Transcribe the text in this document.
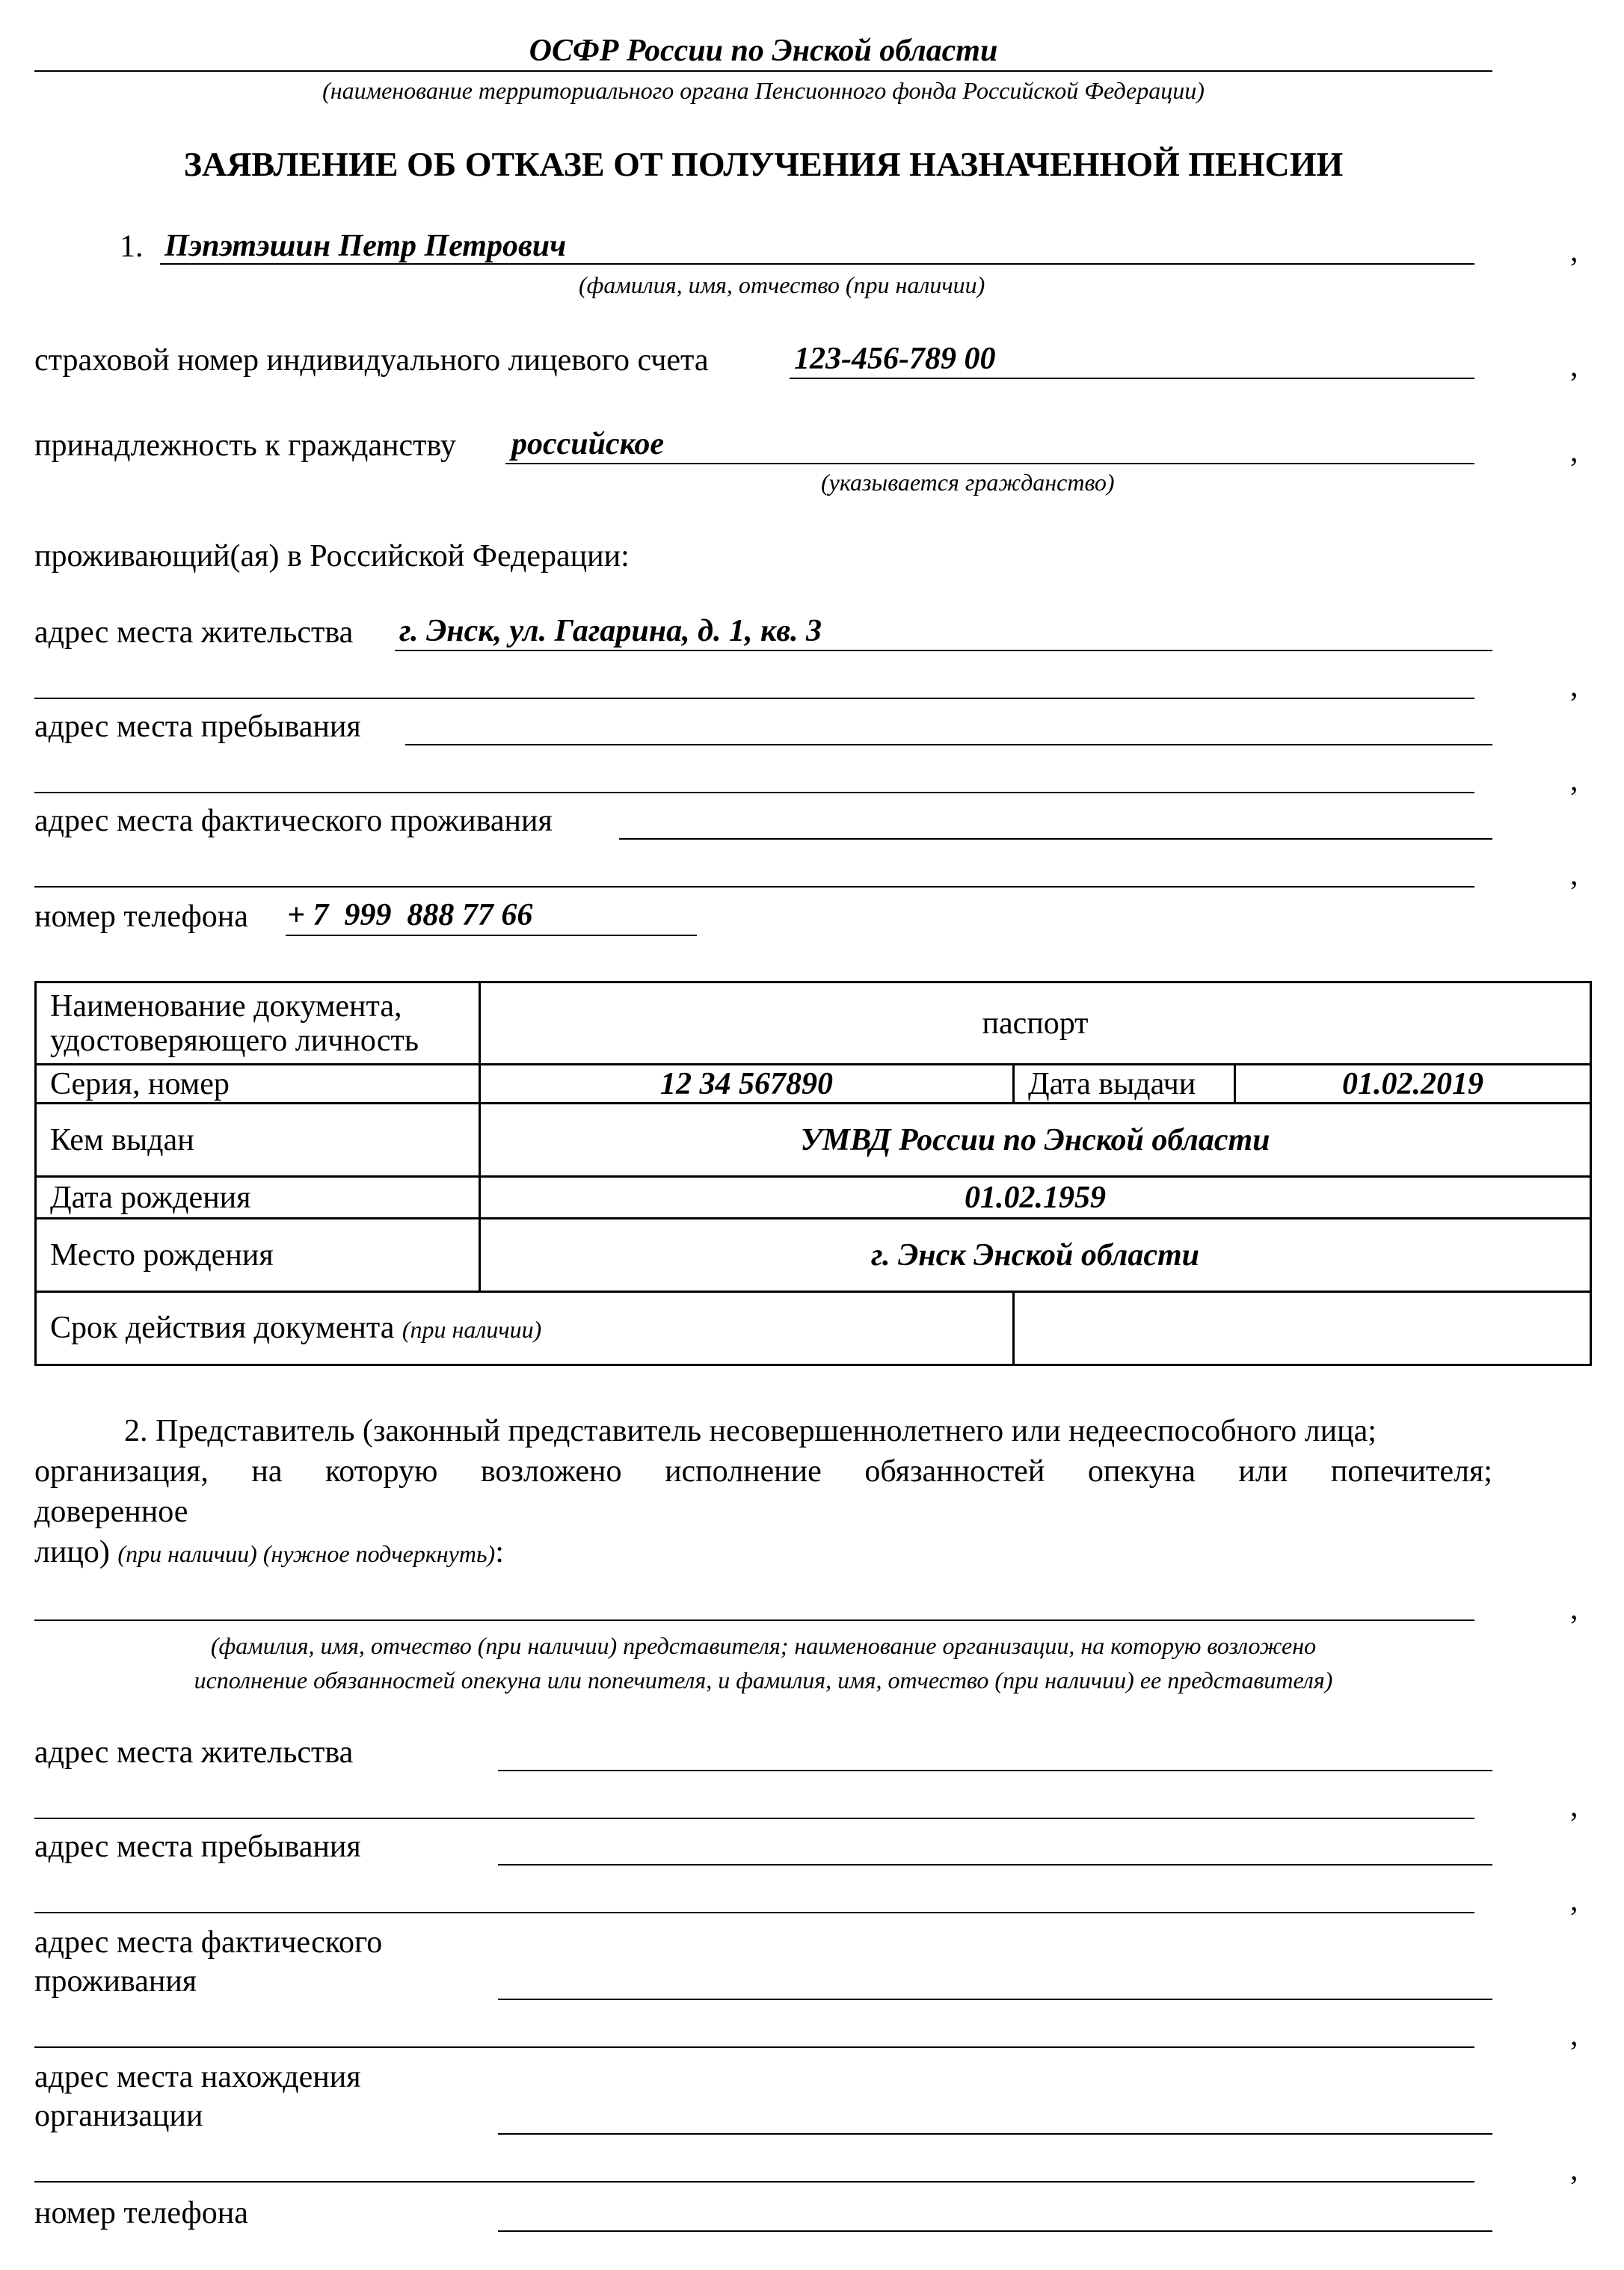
ОСФР России по Энской области
(наименование территориального органа Пенсионного фонда Российской Федерации)
ЗАЯВЛЕНИЕ ОБ ОТКАЗЕ ОТ ПОЛУЧЕНИЯ НАЗНАЧЕННОЙ ПЕНСИИ
1. Пэпэтэшин Петр Петрович	,
(фамилия, имя, отчество (при наличии)
страховой номер индивидуального лицевого счета	123-456-789 00	,
принадлежность к гражданству российское	,
(указывается гражданство)
проживающий(ая) в Российской Федерации:
адрес места жительства г. Энск, ул. Гагарина, д. 1, кв. 3
,
адрес места пребывания
,
адрес места фактического проживания
,
номер телефона + 7  999  888 77 66
Наименование документа,
удостоверяющего личность	паспорт		
Серия, номер	12 34 567890	Дата выдачи	01.02.2019
Кем выдан	УМВД России по Энской области		
Дата рождения	01.02.1959		
Место рождения	г. Энск Энской области		
Срок действия документа (при наличии)			
2. Представитель (законный представитель несовершеннолетнего или недееспособного лица;
организация, на которую возложено исполнение обязанностей опекуна или попечителя;
доверенное
лицо) (при наличии) (нужное подчеркнуть):
,
(фамилия, имя, отчество (при наличии) представителя; наименование организации, на которую возложено
исполнение обязанностей опекуна или попечителя, и фамилия, имя, отчество (при наличии) ее представителя)
адрес места жительства
,
адрес места пребывания
,
адрес места фактического
проживания
,
адрес места нахождения
организации
,
номер телефона
